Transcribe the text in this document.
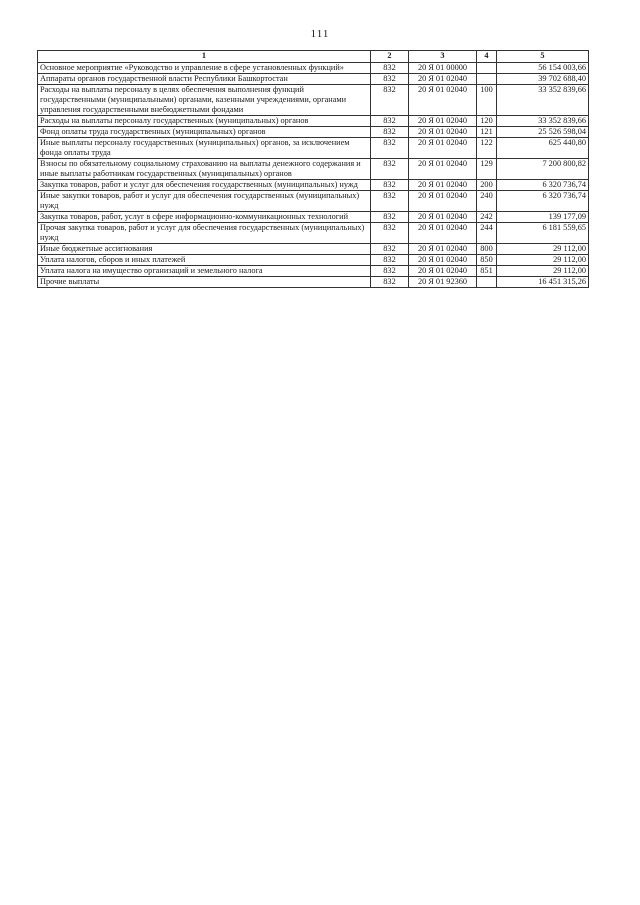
111
1	2	3	4	5
Основное мероприятие «Руководство и управление в сфере установленных функций»	832	20 Я 01 00000		56 154 003,66
Аппараты органов государственной власти Республики Башкортостан	832	20 Я 01 02040		39 702 688,40
Расходы на выплаты персоналу в целях обеспечения выполнения функций государственными (муниципальными) органами, казенными учреждениями, органами управления государственными внебюджетными фондами	832	20 Я 01 02040	100	33 352 839,66
Расходы на выплаты персоналу государственных (муниципальных) органов	832	20 Я 01 02040	120	33 352 839,66
Фонд оплаты труда государственных (муниципальных) органов	832	20 Я 01 02040	121	25 526 598,04
Иные выплаты персоналу государственных (муниципальных) органов, за исключением фонда оплаты труда	832	20 Я 01 02040	122	625 440,80
Взносы по обязательному социальному страхованию на выплаты денежного содержания и иные выплаты работникам государственных (муниципальных) органов	832	20 Я 01 02040	129	7 200 800,82
Закупка товаров, работ и услуг для обеспечения государственных (муниципальных) нужд	832	20 Я 01 02040	200	6 320 736,74
Иные закупки товаров, работ и услуг для обеспечения государственных (муниципальных) нужд	832	20 Я 01 02040	240	6 320 736,74
Закупка товаров, работ, услуг в сфере информационно-коммуникационных технологий	832	20 Я 01 02040	242	139 177,09
Прочая закупка товаров, работ и услуг для обеспечения государственных (муниципальных) нужд	832	20 Я 01 02040	244	6 181 559,65
Иные бюджетные ассигнования	832	20 Я 01 02040	800	29 112,00
Уплата налогов, сборов и иных платежей	832	20 Я 01 02040	850	29 112,00
Уплата налога на имущество организаций и земельного налога	832	20 Я 01 02040	851	29 112,00
Прочие выплаты	832	20 Я 01 92360		16 451 315,26
